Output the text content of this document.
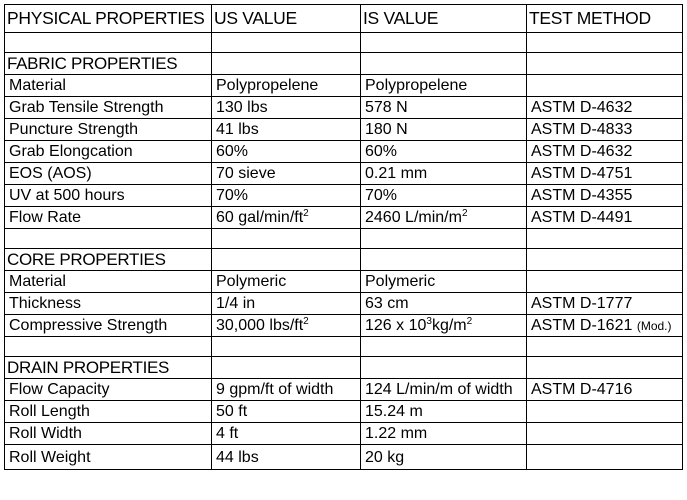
PHYSICAL PROPERTIES	US VALUE	IS VALUE	TEST METHOD

FABRIC PROPERTIES			
Material	Polypropelene	Polypropelene	
Grab Tensile Strength	130 lbs	578 N	ASTM D-4632
Puncture Strength	41 lbs	180 N	ASTM D-4833
Grab Elongcation	60%	60%	ASTM D-4632
EOS (AOS)	70 sieve	0.21 mm	ASTM D-4751
UV at 500 hours	70%	70%	ASTM D-4355
Flow Rate	60 gal/$\min/ft^2$	2460 $L/\min/m^2$	ASTM D-4491

CORE PROPERTIES			
Material	Polymeric	Polymeric	
Thickness	1/4 in	63 cm	ASTM D-1777
Compressive Strength	30,000 lbs/$ft^2$	126 x $10^3kg/m^2$	ASTM D-1621 (Mod.)

DRAIN PROPERTIES			
Flow Capacity	9 gpm/ft of width	124 L/min/m of width	ASTM D-4716
Roll Length	50 ft	15.24 m	
Roll Width	4 ft	1.22 mm	
Roll Weight	44 lbs	20 kg	
